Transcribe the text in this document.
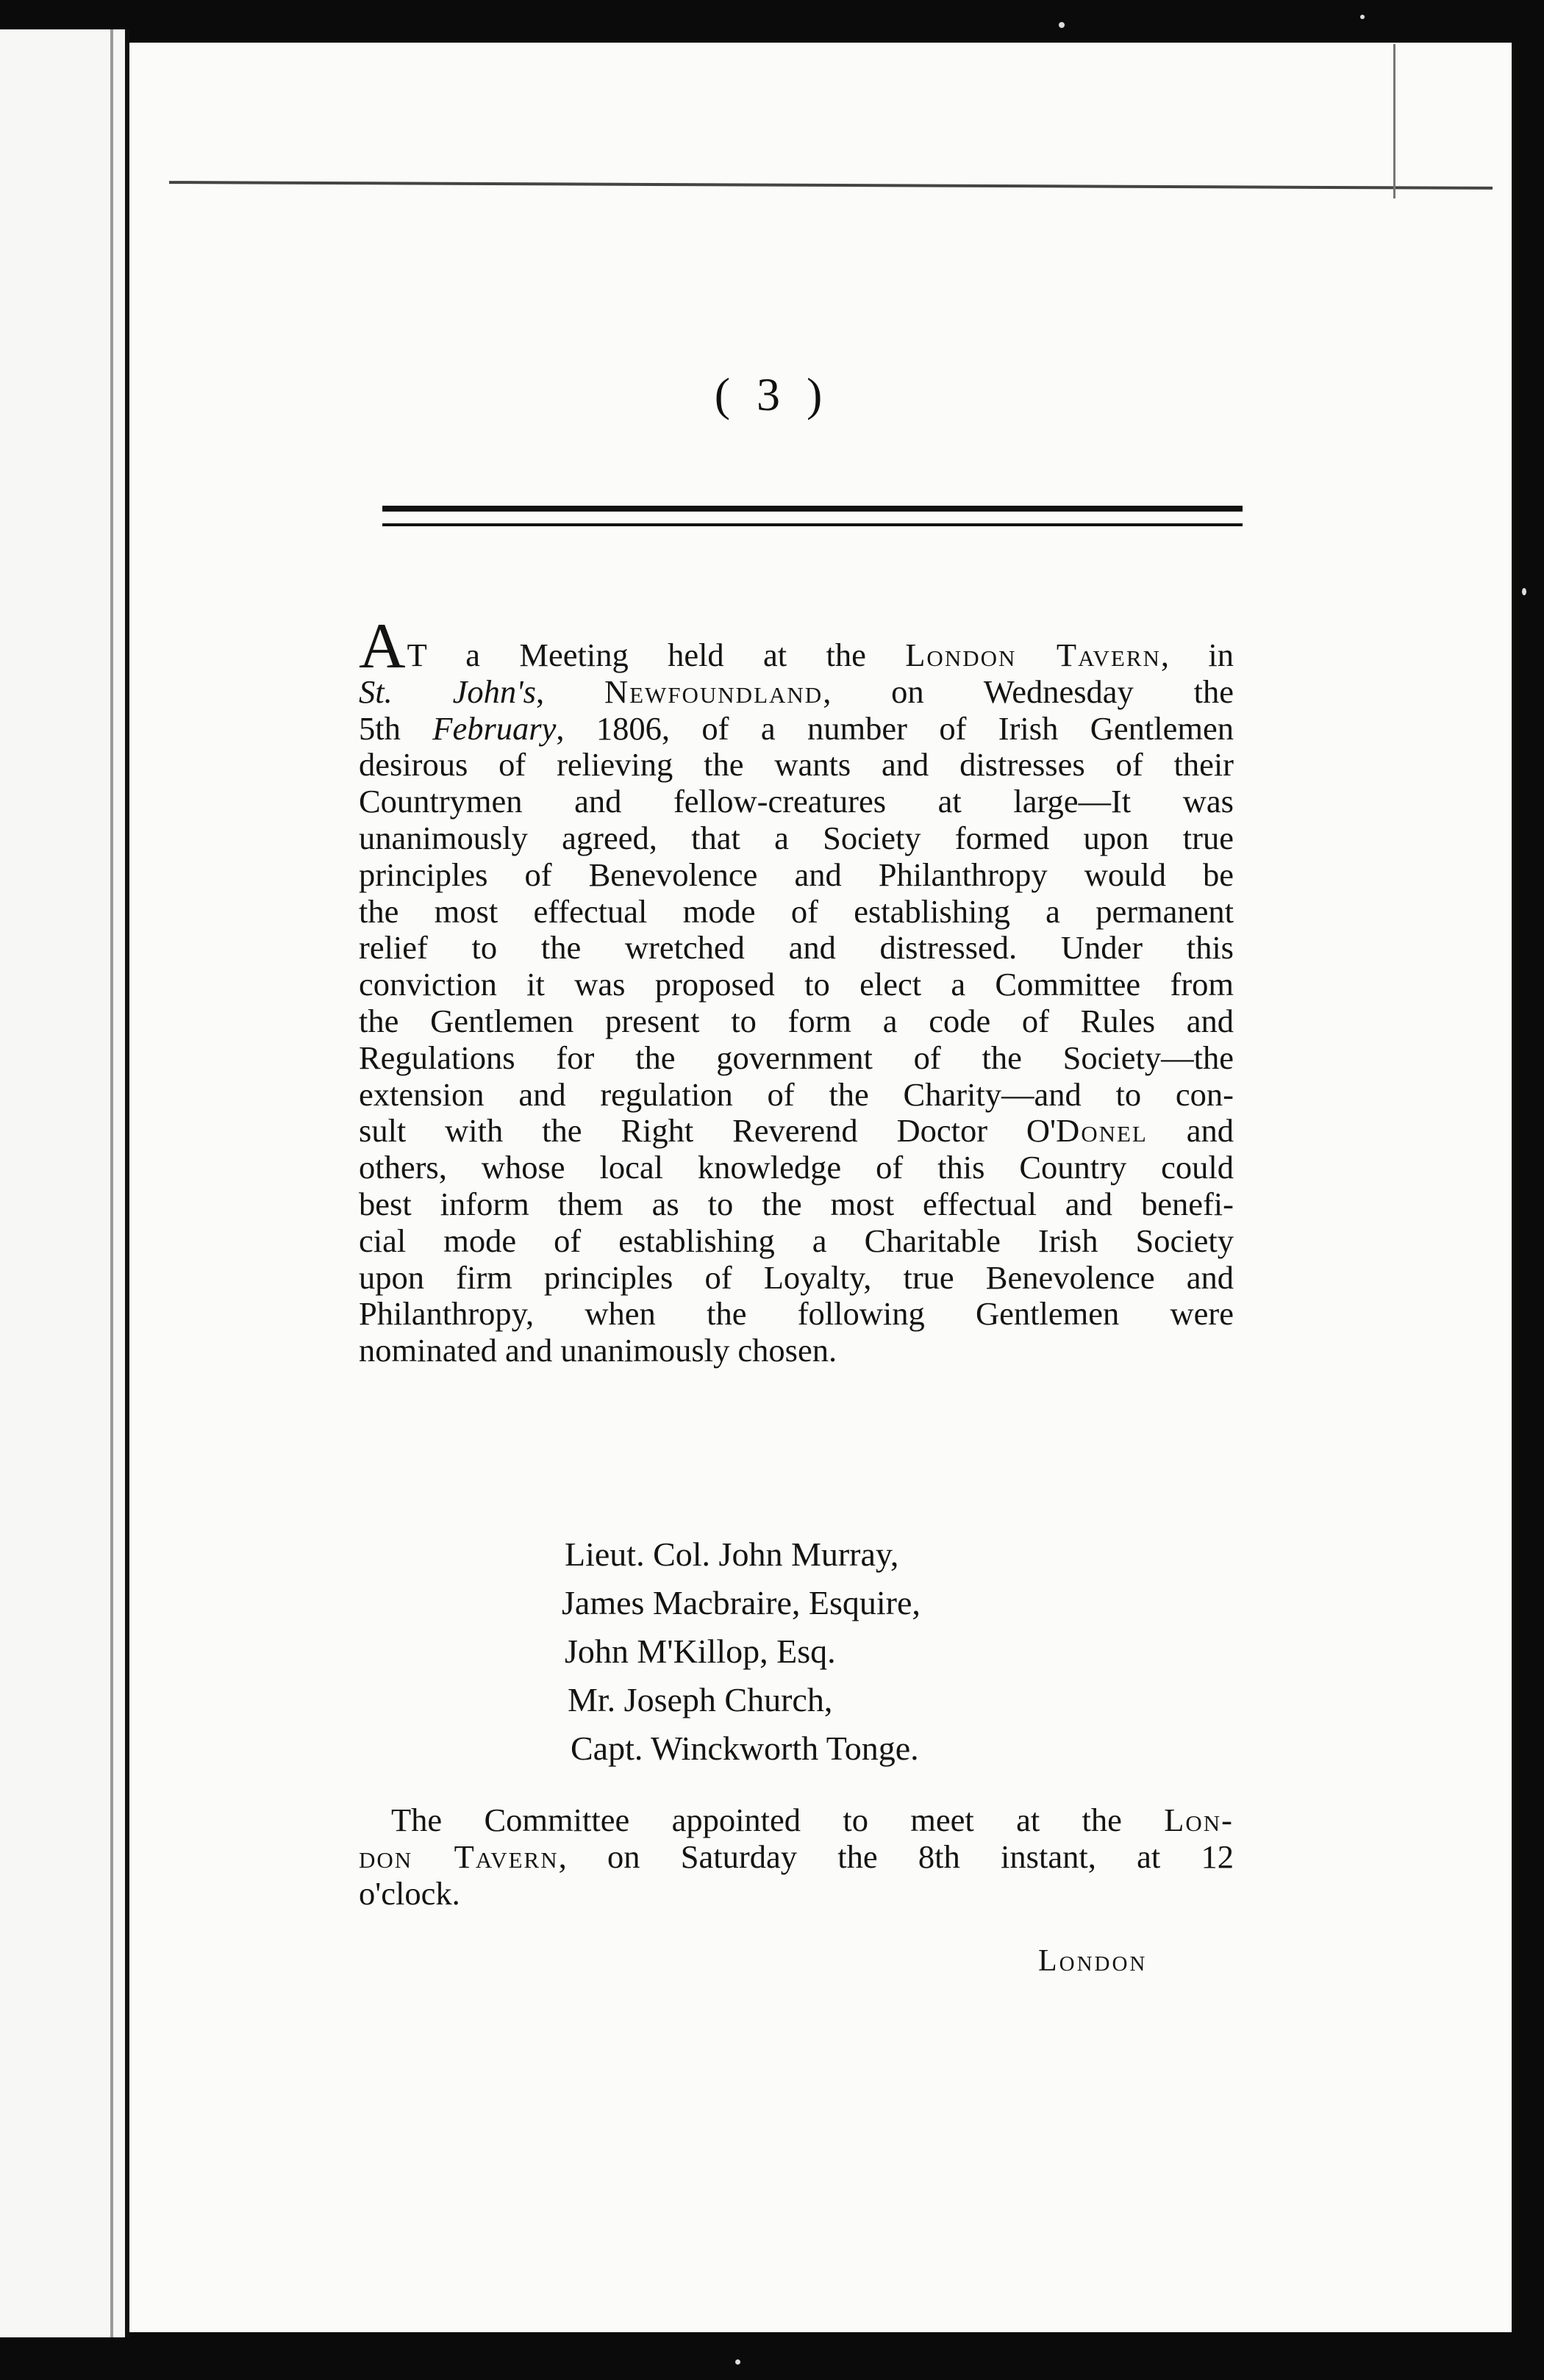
( 3 )
AT a Meeting held at the London Tavern, in
St. John's, Newfoundland, on Wednesday the
5th February, 1806, of a number of Irish Gentlemen
desirous of relieving the wants and distresses of their
Countrymen and fellow-creatures at large—It was
unanimously agreed, that a Society formed upon true
principles of Benevolence and Philanthropy would be
the most effectual mode of establishing a permanent
relief to the wretched and distressed. Under this
conviction it was proposed to elect a Committee from
the Gentlemen present to form a code of Rules and
Regulations for the government of the Society—the
extension and regulation of the Charity—and to con-
sult with the Right Reverend Doctor O'Donel and
others, whose local knowledge of this Country could
best inform them as to the most effectual and benefi-
cial mode of establishing a Charitable Irish Society
upon firm principles of Loyalty, true Benevolence and
Philanthropy, when the following Gentlemen were
nominated and unanimously chosen.
Lieut. Col. John Murray,
James Macbraire, Esquire,
John M'Killop, Esq.
Mr. Joseph Church,
Capt. Winckworth Tonge.
The Committee appointed to meet at the Lon-
don Tavern, on Saturday the 8th instant, at 12
o'clock.
London
